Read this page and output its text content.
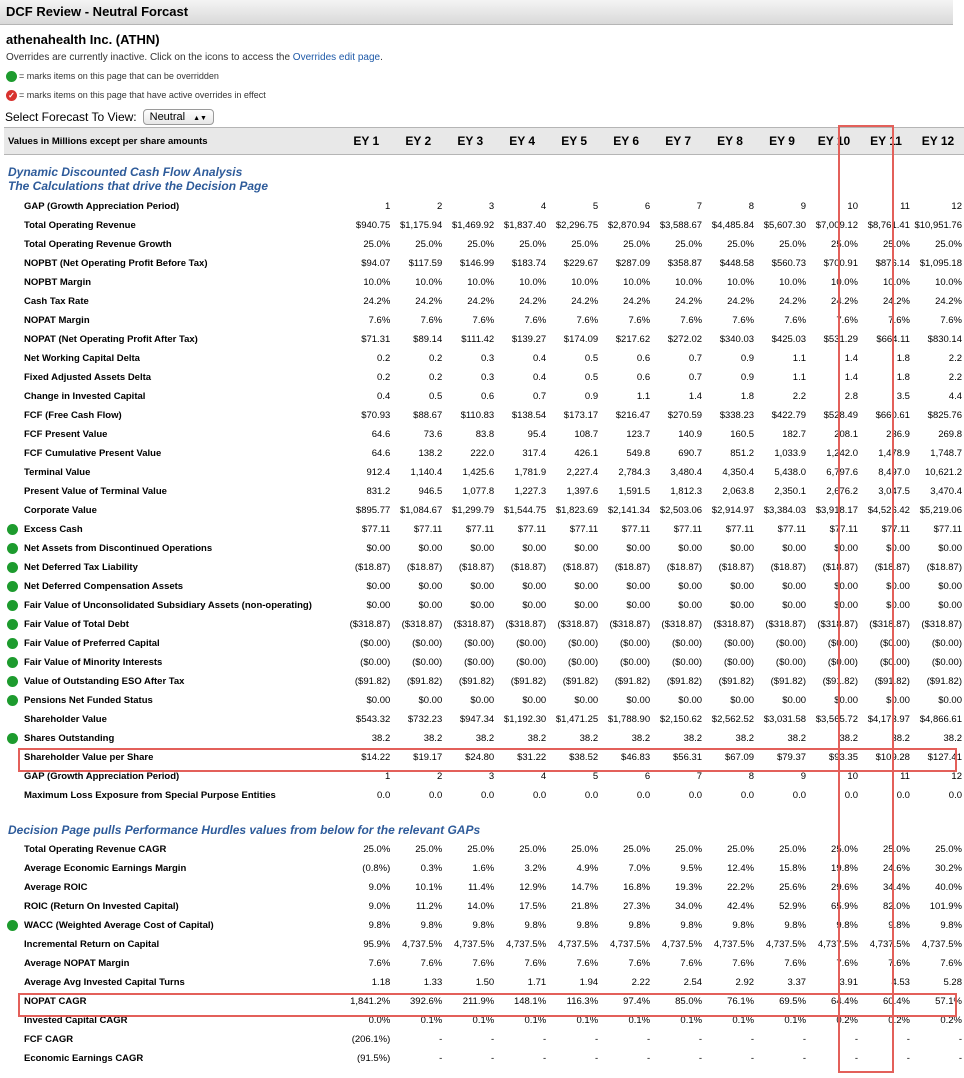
DCF Review - Neutral Forcast
athenahealth Inc. (ATHN)
Overrides are currently inactive. Click on the icons to access the Overrides edit page.
= marks items on this page that can be overridden
✓ = marks items on this page that have active overrides in effect
Select Forecast To View:	Neutral ▲▼
Values in Millions except per share amounts	EY 1	EY 2	EY 3	EY 4	EY 5	EY 6	EY 7	EY 8	EY 9	EY 10	EY 11	EY 12

Dynamic Discounted Cash Flow Analysis												
The Calculations that drive the Decision Page												

GAP (Growth Appreciation Period)	1	2	3	4	5	6	7	8	9	10	11	12
Total Operating Revenue	$940.75	$1,175.94	$1,469.92	$1,837.40	$2,296.75	$2,870.94	$3,588.67	$4,485.84	$5,607.30	$7,009.12	$8,761.41	$10,951.76
Total Operating Revenue Growth	25.0%	25.0%	25.0%	25.0%	25.0%	25.0%	25.0%	25.0%	25.0%	25.0%	25.0%	25.0%
NOPBT (Net Operating Profit Before Tax)	$94.07	$117.59	$146.99	$183.74	$229.67	$287.09	$358.87	$448.58	$560.73	$700.91	$876.14	$1,095.18
NOPBT Margin	10.0%	10.0%	10.0%	10.0%	10.0%	10.0%	10.0%	10.0%	10.0%	10.0%	10.0%	10.0%
Cash Tax Rate	24.2%	24.2%	24.2%	24.2%	24.2%	24.2%	24.2%	24.2%	24.2%	24.2%	24.2%	24.2%
NOPAT Margin	7.6%	7.6%	7.6%	7.6%	7.6%	7.6%	7.6%	7.6%	7.6%	7.6%	7.6%	7.6%
NOPAT (Net Operating Profit After Tax)	$71.31	$89.14	$111.42	$139.27	$174.09	$217.62	$272.02	$340.03	$425.03	$531.29	$664.11	$830.14
Net Working Capital Delta	0.2	0.2	0.3	0.4	0.5	0.6	0.7	0.9	1.1	1.4	1.8	2.2
Fixed Adjusted Assets Delta	0.2	0.2	0.3	0.4	0.5	0.6	0.7	0.9	1.1	1.4	1.8	2.2
Change in Invested Capital	0.4	0.5	0.6	0.7	0.9	1.1	1.4	1.8	2.2	2.8	3.5	4.4
FCF (Free Cash Flow)	$70.93	$88.67	$110.83	$138.54	$173.17	$216.47	$270.59	$338.23	$422.79	$528.49	$660.61	$825.76
FCF Present Value	64.6	73.6	83.8	95.4	108.7	123.7	140.9	160.5	182.7	208.1	236.9	269.8
FCF Cumulative Present Value	64.6	138.2	222.0	317.4	426.1	549.8	690.7	851.2	1,033.9	1,242.0	1,478.9	1,748.7
Terminal Value	912.4	1,140.4	1,425.6	1,781.9	2,227.4	2,784.3	3,480.4	4,350.4	5,438.0	6,797.6	8,497.0	10,621.2
Present Value of Terminal Value	831.2	946.5	1,077.8	1,227.3	1,397.6	1,591.5	1,812.3	2,063.8	2,350.1	2,676.2	3,047.5	3,470.4
Corporate Value	$895.77	$1,084.67	$1,299.79	$1,544.75	$1,823.69	$2,141.34	$2,503.06	$2,914.97	$3,384.03	$3,918.17	$4,526.42	$5,219.06

Excess Cash	$77.11	$77.11	$77.11	$77.11	$77.11	$77.11	$77.11	$77.11	$77.11	$77.11	$77.11	$77.11

Net Assets from Discontinued Operations	$0.00	$0.00	$0.00	$0.00	$0.00	$0.00	$0.00	$0.00	$0.00	$0.00	$0.00	$0.00

Net Deferred Tax Liability	($18.87)	($18.87)	($18.87)	($18.87)	($18.87)	($18.87)	($18.87)	($18.87)	($18.87)	($18.87)	($18.87)	($18.87)

Net Deferred Compensation Assets	$0.00	$0.00	$0.00	$0.00	$0.00	$0.00	$0.00	$0.00	$0.00	$0.00	$0.00	$0.00

Fair Value of Unconsolidated Subsidiary Assets (non-operating)	$0.00	$0.00	$0.00	$0.00	$0.00	$0.00	$0.00	$0.00	$0.00	$0.00	$0.00	$0.00

Fair Value of Total Debt	($318.87)	($318.87)	($318.87)	($318.87)	($318.87)	($318.87)	($318.87)	($318.87)	($318.87)	($318.87)	($318.87)	($318.87)

Fair Value of Preferred Capital	($0.00)	($0.00)	($0.00)	($0.00)	($0.00)	($0.00)	($0.00)	($0.00)	($0.00)	($0.00)	($0.00)	($0.00)

Fair Value of Minority Interests	($0.00)	($0.00)	($0.00)	($0.00)	($0.00)	($0.00)	($0.00)	($0.00)	($0.00)	($0.00)	($0.00)	($0.00)

Value of Outstanding ESO After Tax	($91.82)	($91.82)	($91.82)	($91.82)	($91.82)	($91.82)	($91.82)	($91.82)	($91.82)	($91.82)	($91.82)	($91.82)

Pensions Net Funded Status	$0.00	$0.00	$0.00	$0.00	$0.00	$0.00	$0.00	$0.00	$0.00	$0.00	$0.00	$0.00
Shareholder Value	$543.32	$732.23	$947.34	$1,192.30	$1,471.25	$1,788.90	$2,150.62	$2,562.52	$3,031.58	$3,565.72	$4,173.97	$4,866.61

Shares Outstanding	38.2	38.2	38.2	38.2	38.2	38.2	38.2	38.2	38.2	38.2	38.2	38.2
Shareholder Value per Share	$14.22	$19.17	$24.80	$31.22	$38.52	$46.83	$56.31	$67.09	$79.37	$93.35	$109.28	$127.41
GAP (Growth Appreciation Period)	1	2	3	4	5	6	7	8	9	10	11	12
Maximum Loss Exposure from Special Purpose Entities	0.0	0.0	0.0	0.0	0.0	0.0	0.0	0.0	0.0	0.0	0.0	0.0

Decision Page pulls Performance Hurdles values from below for the relevant GAPs												
Total Operating Revenue CAGR	25.0%	25.0%	25.0%	25.0%	25.0%	25.0%	25.0%	25.0%	25.0%	25.0%	25.0%	25.0%
Average Economic Earnings Margin	(0.8%)	0.3%	1.6%	3.2%	4.9%	7.0%	9.5%	12.4%	15.8%	19.8%	24.6%	30.2%
Average ROIC	9.0%	10.1%	11.4%	12.9%	14.7%	16.8%	19.3%	22.2%	25.6%	29.6%	34.4%	40.0%
ROIC (Return On Invested Capital)	9.0%	11.2%	14.0%	17.5%	21.8%	27.3%	34.0%	42.4%	52.9%	65.9%	82.0%	101.9%

WACC (Weighted Average Cost of Capital)	9.8%	9.8%	9.8%	9.8%	9.8%	9.8%	9.8%	9.8%	9.8%	9.8%	9.8%	9.8%
Incremental Return on Capital	95.9%	4,737.5%	4,737.5%	4,737.5%	4,737.5%	4,737.5%	4,737.5%	4,737.5%	4,737.5%	4,737.5%	4,737.5%	4,737.5%
Average NOPAT Margin	7.6%	7.6%	7.6%	7.6%	7.6%	7.6%	7.6%	7.6%	7.6%	7.6%	7.6%	7.6%
Average Avg Invested Capital Turns	1.18	1.33	1.50	1.71	1.94	2.22	2.54	2.92	3.37	3.91	4.53	5.28
NOPAT CAGR	1,841.2%	392.6%	211.9%	148.1%	116.3%	97.4%	85.0%	76.1%	69.5%	64.4%	60.4%	57.1%
Invested Capital CAGR	0.0%	0.1%	0.1%	0.1%	0.1%	0.1%	0.1%	0.1%	0.1%	0.2%	0.2%	0.2%
FCF CAGR	(206.1%)	-	-	-	-	-	-	-	-	-	-	-
Economic Earnings CAGR	(91.5%)	-	-	-	-	-	-	-	-	-	-	-
